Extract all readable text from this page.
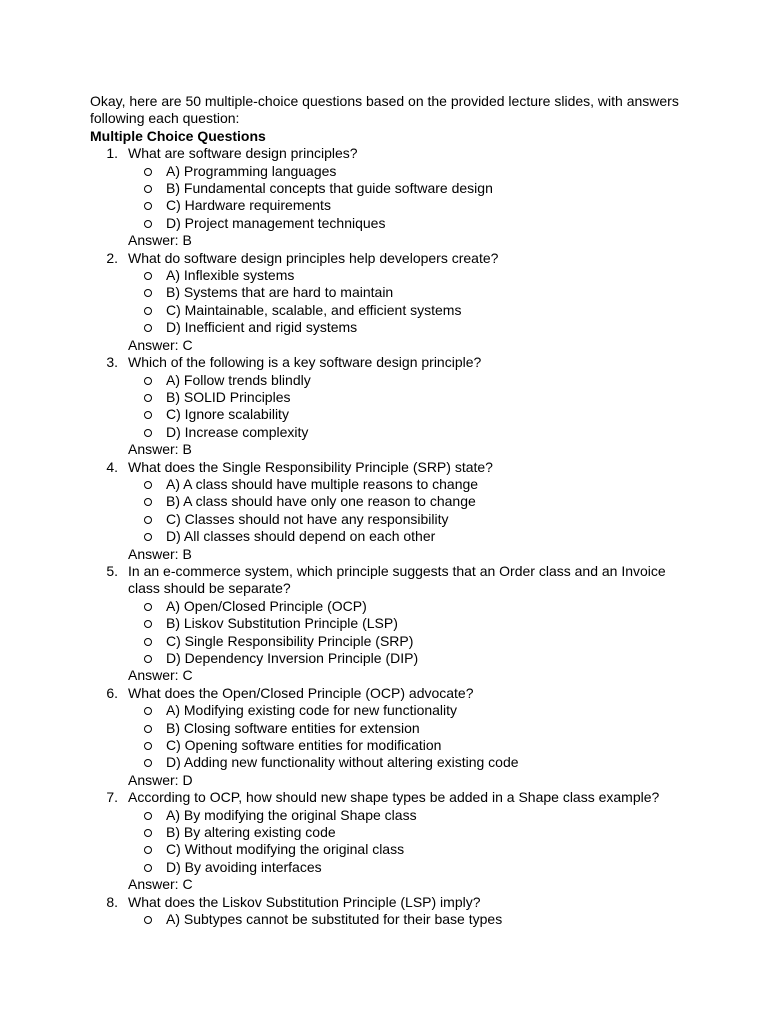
Okay, here are 50 multiple-choice questions based on the provided lecture slides, with answers following each question:

Multiple Choice Questions

1. What are software design principles?
A) Programming languages
B) Fundamental concepts that guide software design
C) Hardware requirements
D) Project management techniques
Answer: B
2. What do software design principles help developers create?
A) Inflexible systems
B) Systems that are hard to maintain
C) Maintainable, scalable, and efficient systems
D) Inefficient and rigid systems
Answer: C
3. Which of the following is a key software design principle?
A) Follow trends blindly
B) SOLID Principles
C) Ignore scalability
D) Increase complexity
Answer: B
4. What does the Single Responsibility Principle (SRP) state?
A) A class should have multiple reasons to change
B) A class should have only one reason to change
C) Classes should not have any responsibility
D) All classes should depend on each other
Answer: B
5. In an e-commerce system, which principle suggests that an Order class and an Invoice class should be separate?
A) Open/Closed Principle (OCP)
B) Liskov Substitution Principle (LSP)
C) Single Responsibility Principle (SRP)
D) Dependency Inversion Principle (DIP)
Answer: C
6. What does the Open/Closed Principle (OCP) advocate?
A) Modifying existing code for new functionality
B) Closing software entities for extension
C) Opening software entities for modification
D) Adding new functionality without altering existing code
Answer: D
7. According to OCP, how should new shape types be added in a Shape class example?
A) By modifying the original Shape class
B) By altering existing code
C) Without modifying the original class
D) By avoiding interfaces
Answer: C
8. What does the Liskov Substitution Principle (LSP) imply?
A) Subtypes cannot be substituted for their base types
